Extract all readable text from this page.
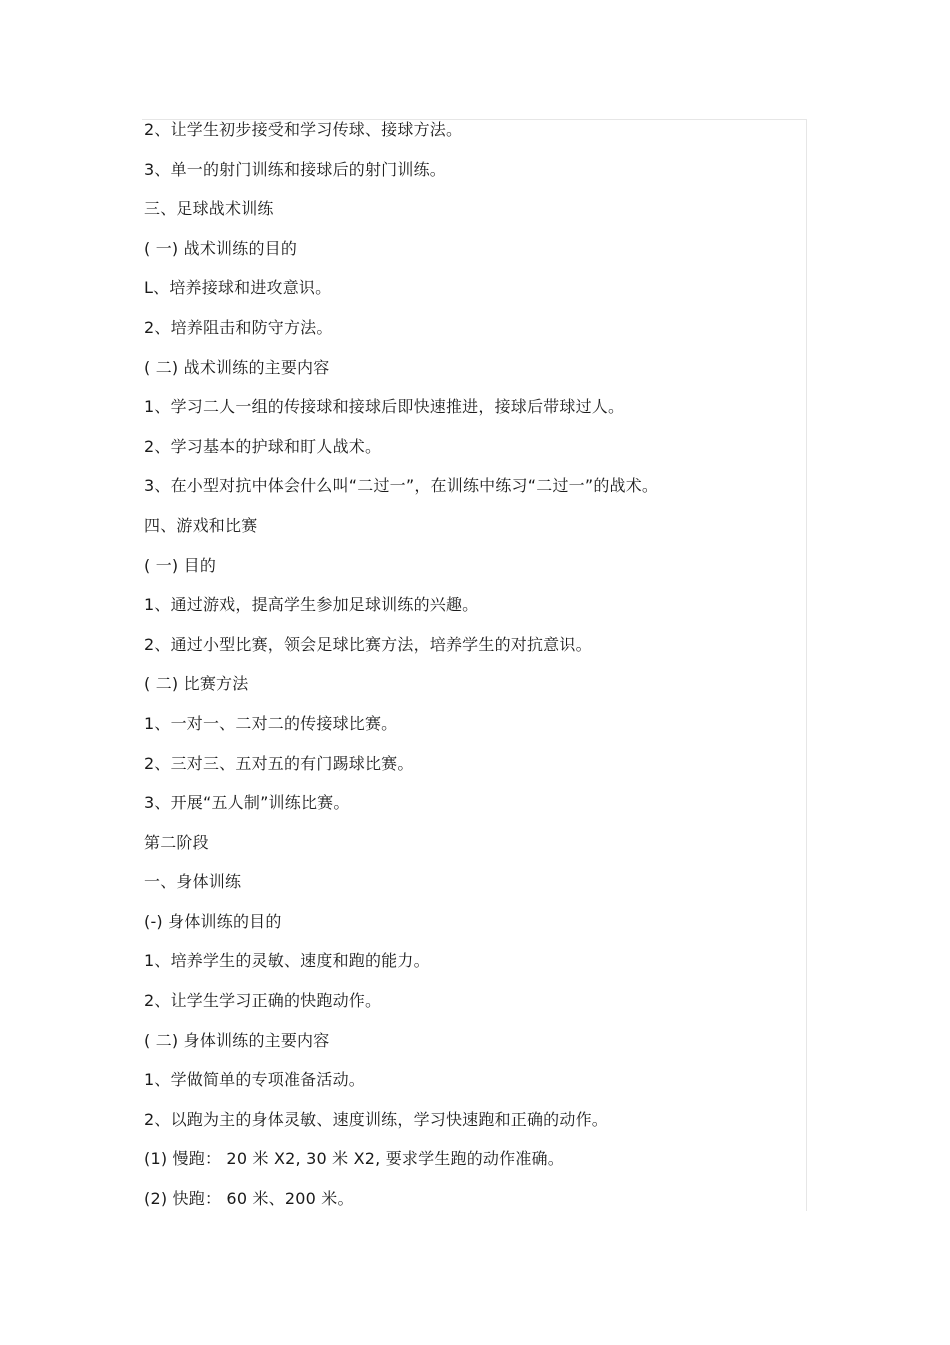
2、让学生初步接受和学习传球、接球方法。
3、单一的射门训练和接球后的射门训练。
三、足球战术训练
( 一) 战术训练的目的
L、培养接球和进攻意识。
2、培养阻击和防守方法。
( 二) 战术训练的主要内容
1、学习二人一组的传接球和接球后即快速推进，接球后带球过人。
2、学习基本的护球和盯人战术。
3、在小型对抗中体会什么叫“二过一”，在训练中练习“二过一”的战术。
四、游戏和比赛
( 一) 目的
1、通过游戏，提高学生参加足球训练的兴趣。
2、通过小型比赛，领会足球比赛方法，培养学生的对抗意识。
( 二) 比赛方法
1、一对一、二对二的传接球比赛。
2、三对三、五对五的有门踢球比赛。
3、开展“五人制”训练比赛。
第二阶段
一、身体训练
(-) 身体训练的目的
1、培养学生的灵敏、速度和跑的能力。
2、让学生学习正确的快跑动作。
( 二) 身体训练的主要内容
1、学做简单的专项准备活动。
2、以跑为主的身体灵敏、速度训练，学习快速跑和正确的动作。
(1) 慢跑： 20 米 X2, 30 米 X2, 要求学生跑的动作准确。
(2) 快跑： 60 米、200 米。
